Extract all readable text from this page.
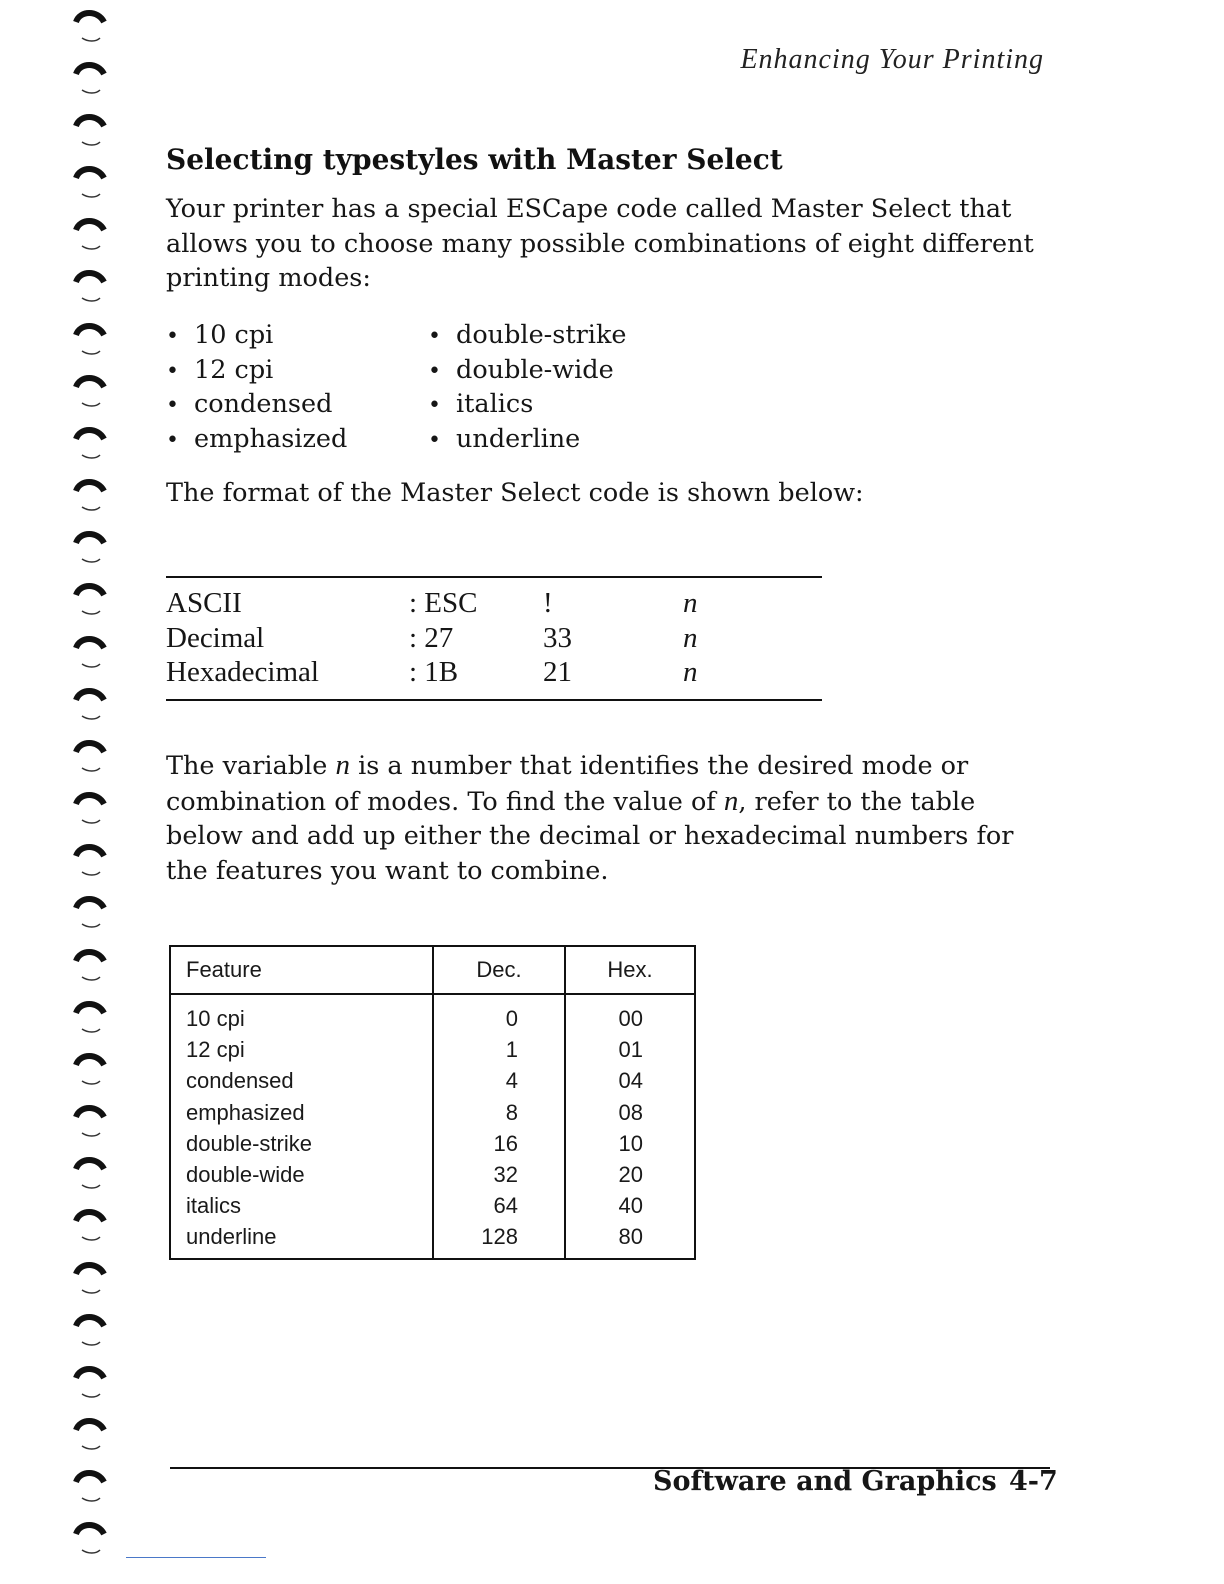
Enhancing Your Printing
Selecting typestyles with Master Select

Your printer has a special ESCape code called Master Select that allows you to choose many possible combinations of eight different printing modes:

• 10 cpi
• 12 cpi
• condensed
• emphasized
• double-strike
• double-wide
• italics
• underline

The format of the Master Select code is shown below:

ASCII	: ESC	!	n
Decimal	: 27	33	n
Hexadecimal	: 1B	21	n

The variable n is a number that identifies the desired mode or combination of modes. To find the value of n, refer to the table below and add up either the decimal or hexadecimal numbers for the features you want to combine.

Feature	Dec.	Hex.
10 cpi	0	00
12 cpi	1	01
condensed	4	04
emphasized	8	08
double-strike	16	10
double-wide	32	20
italics	64	40
underline	128	80
Software and Graphics 4-7
